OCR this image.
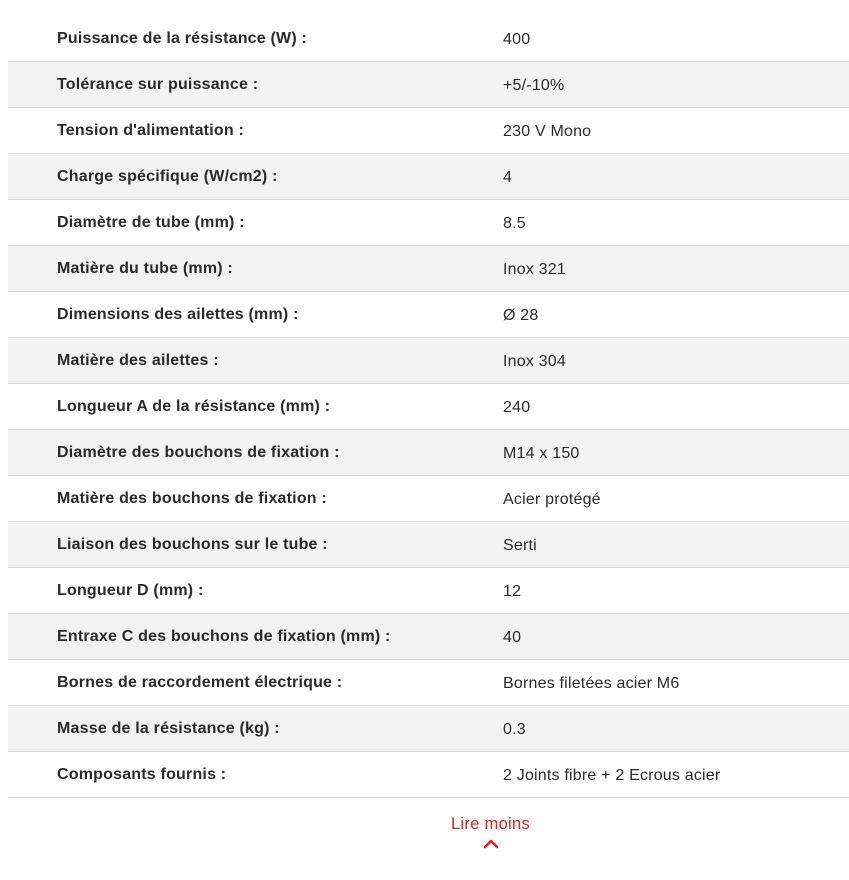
Puissance de la résistance (W) :	400
Tolérance sur puissance :	+5/-10%
Tension d'alimentation :	230 V Mono
Charge spécifique (W/cm2) :	4
Diamètre de tube (mm) :	8.5
Matière du tube (mm) :	Inox 321
Dimensions des ailettes (mm) :	Ø 28
Matière des ailettes :	Inox 304
Longueur A de la résistance (mm) :	240
Diamètre des bouchons de fixation :	M14 x 150
Matière des bouchons de fixation :	Acier protégé
Liaison des bouchons sur le tube :	Serti
Longueur D (mm) :	12
Entraxe C des bouchons de fixation (mm) :	40
Bornes de raccordement électrique :	Bornes filetées acier M6
Masse de la résistance (kg) :	0.3
Composants fournis :	2 Joints fibre + 2 Ecrous acier
Lire moins
